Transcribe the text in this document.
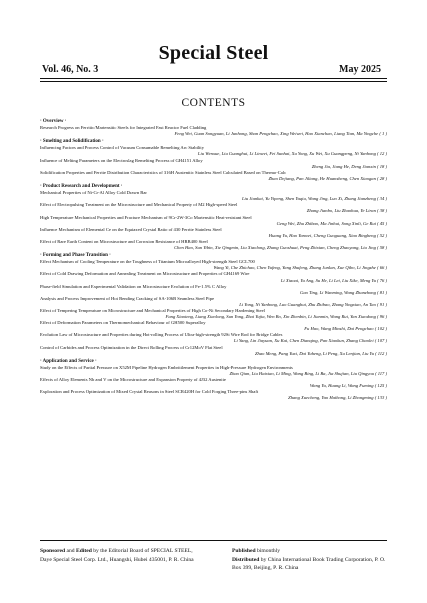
Special Steel
Vol. 46, No. 3	May 2025
CONTENTS
· Overview ·
Research Progress on Ferritic/Martensitic Steels for Integrated Fast Reactor Fuel Cladding
Feng Wei, Guan Songyuan, Li Junhong, Shan Pengchao, Xing Weiwei, Hao Xianchao, Liang Tian, Ma Yingche ( 1 )
· Smelting and Solidification ·
Influencing Factors and Process Control of Vacuum Consumable Remelting Arc Stability
Liu Wenxue, Liu Guanghui, Li Linwei, Fei Sunhai, Xu Yong, Xu Wei, Xu Guangpeng, Ni Yanhong ( 12 )
Influence of Melting Parameters on the Electroslag Remelting Process of GH4151 Alloy
Zheng Jia, Jiang He, Deng Jianxin ( 18 )
Solidification Properties and Ferrite Distribution Characteristics of 316H Austenitic Stainless Steel Calculated Based on Thermo-Calc
Zhao Dejiang, Pan Jiliang, He Huansheng, Chen Xiaogan ( 28 )
· Product Research and Development ·
Mechanical Properties of Ni-Cr-Al Alloy Cold Drawn Bar
Liu Jiankai, Yu Yipeng, Shen Yaqiu, Wang Jing, Luo Xi, Zhang Jianzheng ( 34 )
Effect of Electropulsing Treatment on the Microstructure and Mechanical Property of M2 High-speed Steel
Zhang Jianbo, Liu Zhaohua, Ye Liran ( 38 )
High Temperature Mechanical Properties and Fracture Mechanism of 9Cr-2W-3Co Martensitic Heat-resistant Steel
Geng Wei, Zhu Zhibao, Ma Jinhui, Song Xinli, Ge Rui ( 45 )
Influence Mechanism of Elemental Ce on the Equiaxed Crystal Ratio of 430 Ferrite Stainless Steel
Huang Yu, Hao Yanwei, Cheng Guoguang, Xiao Bingheng ( 52 )
Effect of Rare Earth Content on Microstructure and Corrosion Resistance of HRB400 Steel
Chen Hao, Sun Yibin, Xie Qingmin, Liu Xiaolong, Zhang Guoshuai, Peng Zhixian, Cheng Zhaoyang, Liu Jing ( 58 )
· Forming and Phase Transition ·
Effect Mechanism of Cooling Temperature on the Toughness of Titanium Microalloyed High-strength Steel GCL700
Wang Yi, Che Zhichao, Chen Yufeng, Yang Shufeng, Zhang Junlan, Xue Qibo, Li Jingzhe ( 66 )
Effect of Cold Drawing Deformation and Annealing Treatment on Microstructure and Properties of GH4169 Wire
Li Xiaoai, Yu Ang, Su He, Li Lei, Liu Xike, Meng Yu ( 76 )
Phase-field Simulation and Experimental Validation on Microstructure Evolution of Fe-1.5% C Alloy
Gao Ting, Li Wanming, Wang Zhanzhong ( 81 )
Analysis and Process Improvement of Hot Bending Cracking of SA-106B Seamless Steel Pipe
Li Yong, Ni Yanhong, Luo Guanghui, Zhu Zhibao, Zhang Yingxiao, An Tao ( 91 )
Effect of Tempering Temperature on Microstructure and Mechanical Properties of High Co-Ni Secondary Hardening Steel
Fang Xiaoteng, Liang Xiaolong, Sun Yong, Zhai Yujia, Wen Bo, Xin Zhenbin, Li Jianmin, Wang Rui, Yan Xiaodong ( 96 )
Effect of Deformation Parameters on Thermomechanical Behaviour of GH500 Superalloy
Fu Hao, Wang Minshi, Dai Pengchao ( 102 )
Evolution Law of Microstructure and Properties during Hot-rolling Process of Ultra-high-strength 92Si Wire Rod for Bridge Cables
Li Yang, Lin Jiayuan, Xu Kai, Chen Dianqing, Pan Xiaokun, Zhang Chaolei ( 107 )
Control of Carbides and Process Optimization in the Direct Rolling Process of Cr12MoV Flat Steel
Zhao Meng, Pang Yuxi, Dai Yuheng, Li Peng, Xu Lenjian, Liu Yu ( 112 )
· Application and Service ·
Study on the Effects of Partial Pressure on X52M Pipeline Hydrogen Embrittlement Properties in High-Pressure Hydrogen Environments
Zhao Qian, Liu Haixiao, Li Ming, Wang Bing, Li Ba, Jia Shujian, Liu Qingyou ( 117 )
Effects of Alloy Elements Nb and V on the Microstructure and Expansion Property of 4J32 Austenite
Wang Yu, Huang Li, Wang Fuming ( 125 )
Exploration and Process Optimization of Mixed Crystal Reasons in Steel SCR420H for Cold Forging Three-pins Shaft
Zhang Xuecheng, Yao Haihong, Li Zhongming ( 133 )
Sponsored and Edited by the Editorial Board of SPECIAL STEEL, Daye Special Steel Corp. Ltd., Huangshi, Hubei 435001, P. R. China
Published bimonthly
Distributed by China International Book Trading Corporation, P. O. Box 399, Beijing, P. R. China
